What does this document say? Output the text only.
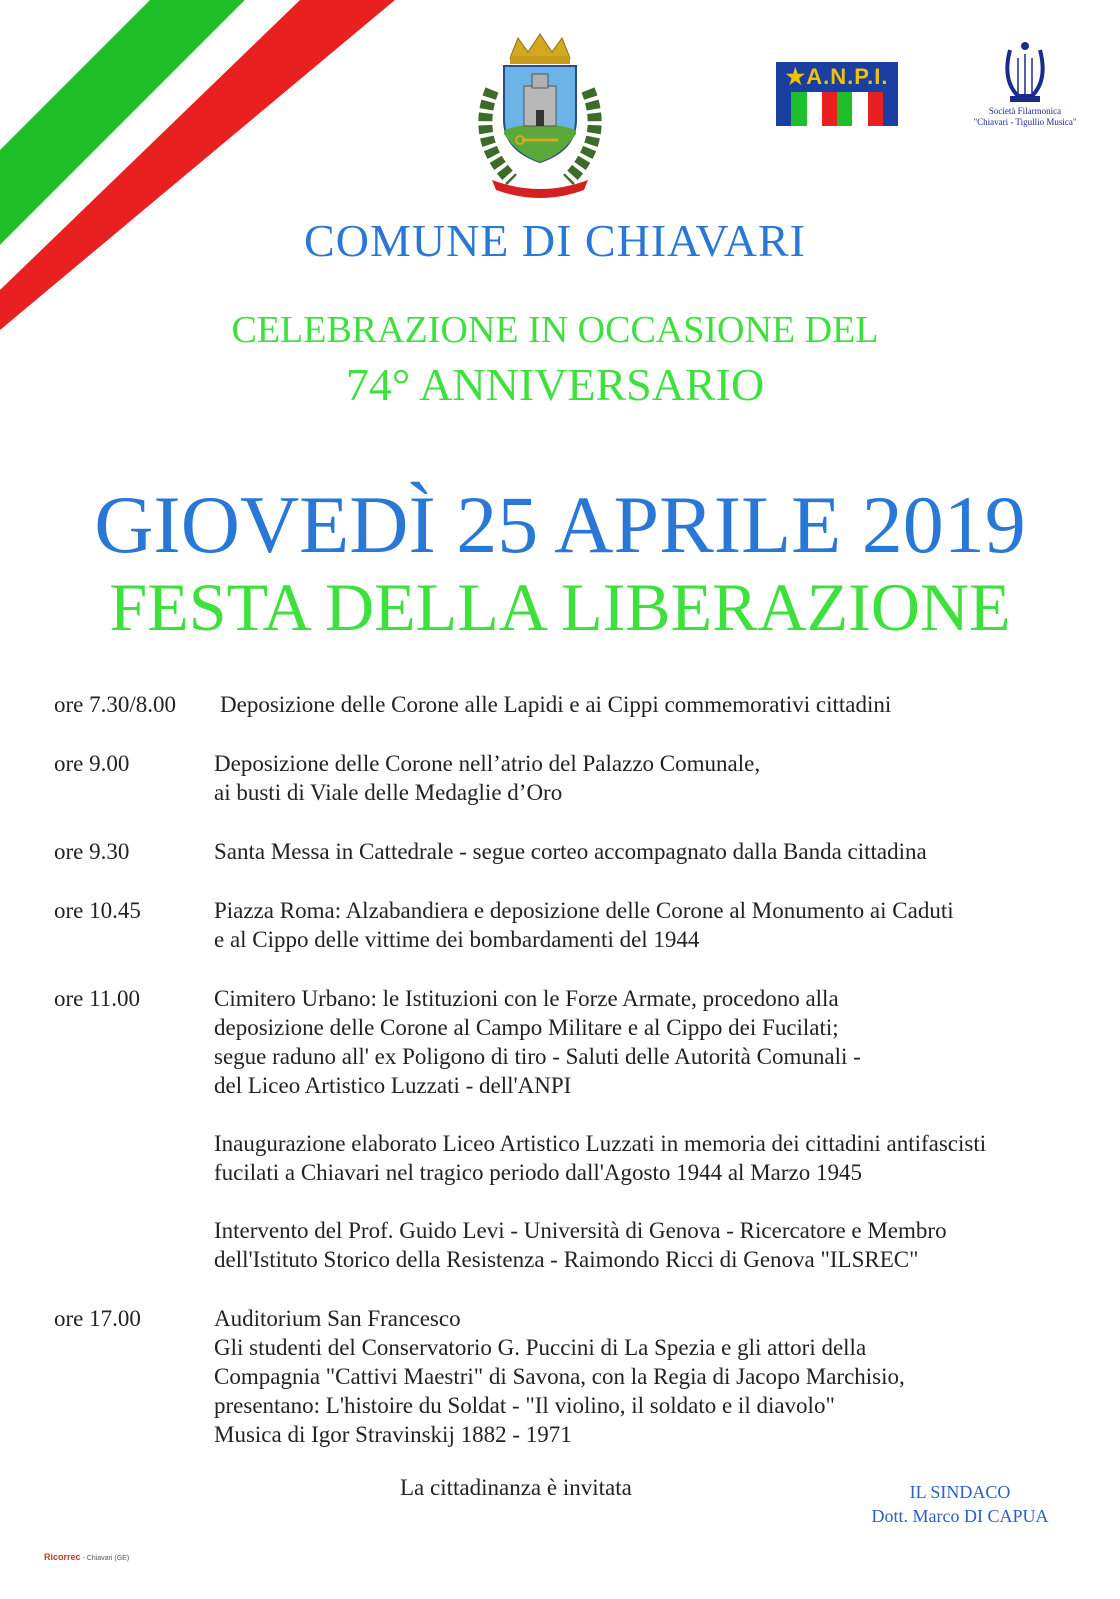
★A.N.P.I.
Società Filarmonica
"Chiavari - Tigullio Musica"
COMUNE DI CHIAVARI
CELEBRAZIONE IN OCCASIONE DEL
74° ANNIVERSARIO
GIOVEDÌ 25 APRILE 2019
FESTA DELLA LIBERAZIONE
ore 7.30/8.00	Deposizione delle Corone alle Lapidi e ai Cippi commemorativi cittadini

ore 9.00	Deposizione delle Corone nell’atrio del Palazzo Comunale,
ai busti di Viale delle Medaglie d’Oro

ore 9.30	Santa Messa in Cattedrale - segue corteo accompagnato dalla Banda cittadina

ore 10.45	Piazza Roma: Alzabandiera e deposizione delle Corone al Monumento ai Caduti
e al Cippo delle vittime dei bombardamenti del 1944

ore 11.00	Cimitero Urbano: le Istituzioni con le Forze Armate, procedono alla
deposizione delle Corone al Campo Militare e al Cippo dei Fucilati;
segue raduno all' ex Poligono di tiro - Saluti delle Autorità Comunali -
del Liceo Artistico Luzzati - dell'ANPI

Inaugurazione elaborato Liceo Artistico Luzzati in memoria dei cittadini antifascisti
fucilati a Chiavari nel tragico periodo dall'Agosto 1944 al Marzo 1945

Intervento del Prof. Guido Levi - Università di Genova - Ricercatore e Membro
dell'Istituto Storico della Resistenza - Raimondo Ricci di Genova "ILSREC"

ore 17.00	Auditorium San Francesco
Gli studenti del Conservatorio G. Puccini di La Spezia e gli attori della
Compagnia "Cattivi Maestri" di Savona, con la Regia di Jacopo Marchisio,
presentano: L'histoire du Soldat - "Il violino, il soldato e il diavolo"
Musica di Igor Stravinskij 1882 - 1971

La cittadinanza è invitata	IL SINDACO
Dott. Marco DI CAPUA
Ricorrec - Chiavari (GE)
